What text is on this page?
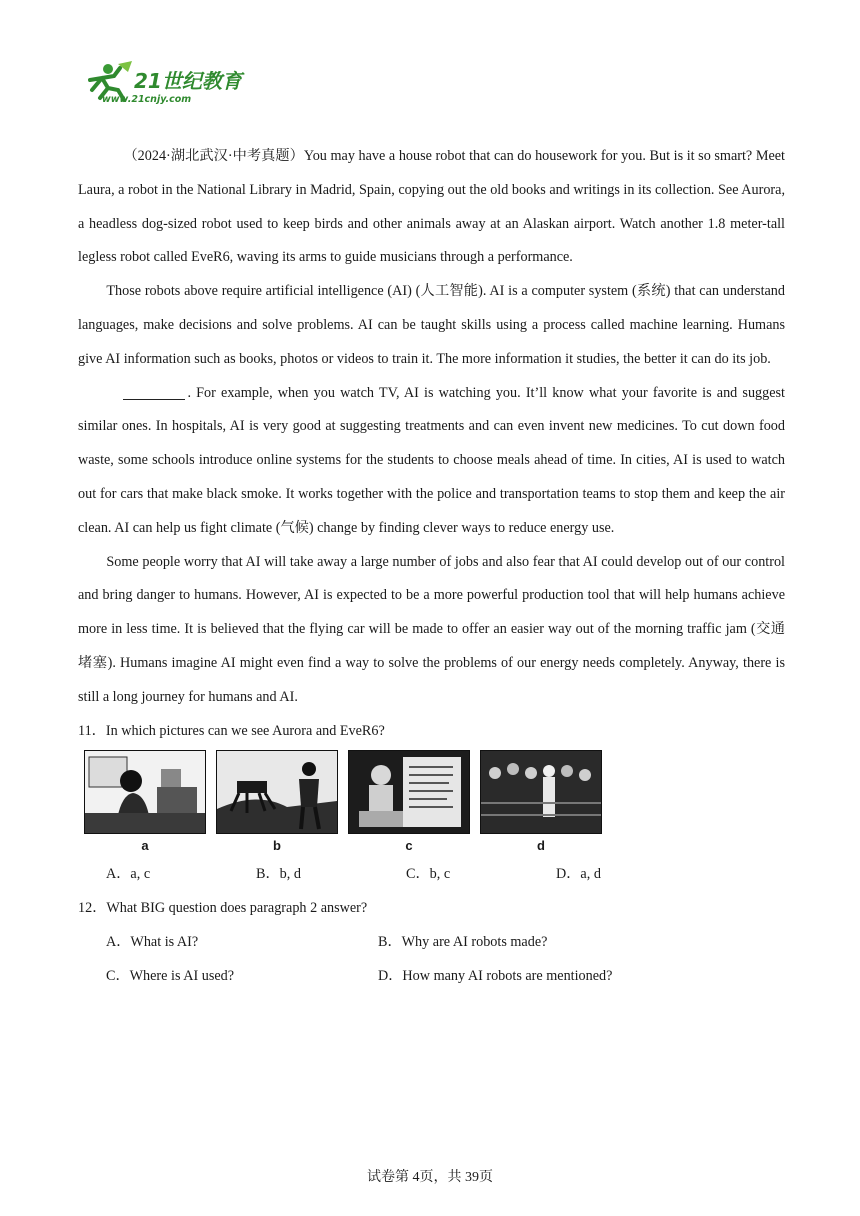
21世纪教育
www.21cnjy.com

（2024·湖北武汉·中考真题）You may have a house robot that can do housework for you. But is it so smart? Meet Laura, a robot in the National Library in Madrid, Spain, copying out the old books and writings in its collection. See Aurora, a headless dog-sized robot used to keep birds and other animals away at an Alaskan airport. Watch another 1.8 meter-tall legless robot called EveR6, waving its arms to guide musicians through a performance.

Those robots above require artificial intelligence (AI) (人工智能). AI is a computer system (系统) that can understand languages, make decisions and solve problems. AI can be taught skills using a process called machine learning. Humans give AI information such as books, photos or videos to train it. The more information it studies, the better it can do its job.

. For example, when you watch TV, AI is watching you. It’ll know what your favorite is and suggest similar ones. In hospitals, AI is very good at suggesting treatments and can even invent new medicines. To cut down food waste, some schools introduce online systems for the students to choose meals ahead of time. In cities, AI is used to watch out for cars that make black smoke. It works together with the police and transportation teams to stop them and keep the air clean. AI can help us fight climate (气候) change by finding clever ways to reduce energy use.

Some people worry that AI will take away a large number of jobs and also fear that AI could develop out of our control and bring danger to humans. However, AI is expected to be a more powerful production tool that will help humans achieve more in less time. It is believed that the flying car will be made to offer an easier way out of the morning traffic jam (交通堵塞). Humans imagine AI might even find a way to solve the problems of our energy needs completely. Anyway, there is still a long journey for humans and AI.

11．In which pictures can we see Aurora and EveR6?

a	b	c	d
A．a, c	B．b, d	C．b, c	D．a, d

12．What BIG question does paragraph 2 answer?

A．What is AI?	B．Why are AI robots made?
C．Where is AI used?	D．How many AI robots are mentioned?
试卷第 4页，共 39页
